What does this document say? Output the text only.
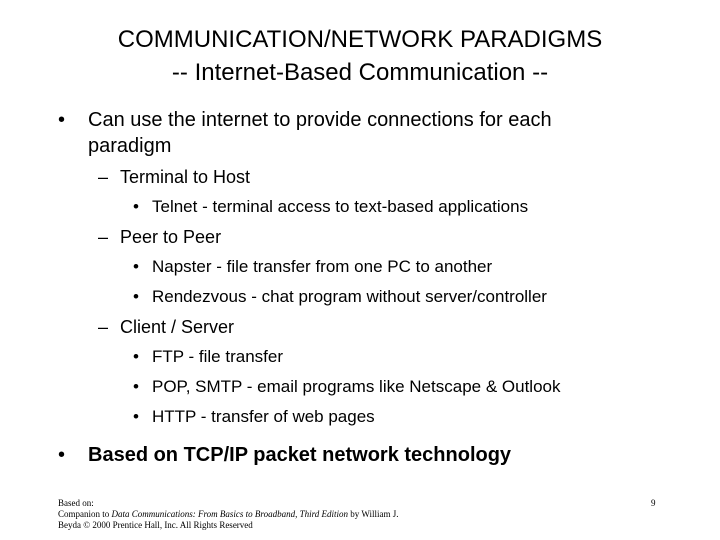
COMMUNICATION/NETWORK PARADIGMS
-- Internet-Based Communication --
• Can use the internet to provide connections for each
paradigm
– Terminal to Host
• Telnet - terminal access to text-based applications
– Peer to Peer
• Napster - file transfer from one PC to another
• Rendezvous - chat program without server/controller
– Client / Server
• FTP - file transfer
• POP, SMTP - email programs like Netscape & Outlook
• HTTP - transfer of web pages
• Based on TCP/IP packet network technology
Based on:
Companion to Data Communications: From Basics to Broadband, Third Edition by William J.
Beyda © 2000 Prentice Hall, Inc. All Rights Reserved
9
